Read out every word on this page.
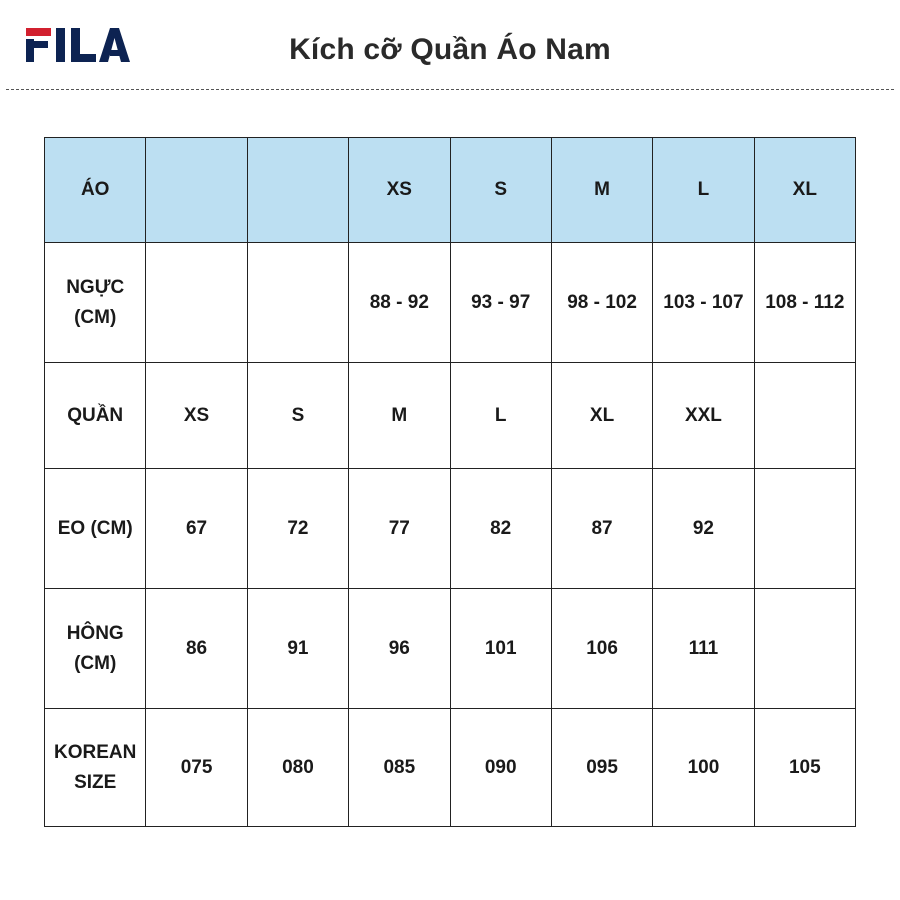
Kích cỡ Quần Áo Nam
ÁO			XS	S	M	L	XL
NGỰC
(CM)			88 - 92	93 - 97	98 - 102	103 - 107	108 - 112
QUẦN	XS	S	M	L	XL	XXL	
EO (CM)	67	72	77	82	87	92	
HÔNG
(CM)	86	91	96	101	106	111	
KOREAN
SIZE	075	080	085	090	095	100	105
